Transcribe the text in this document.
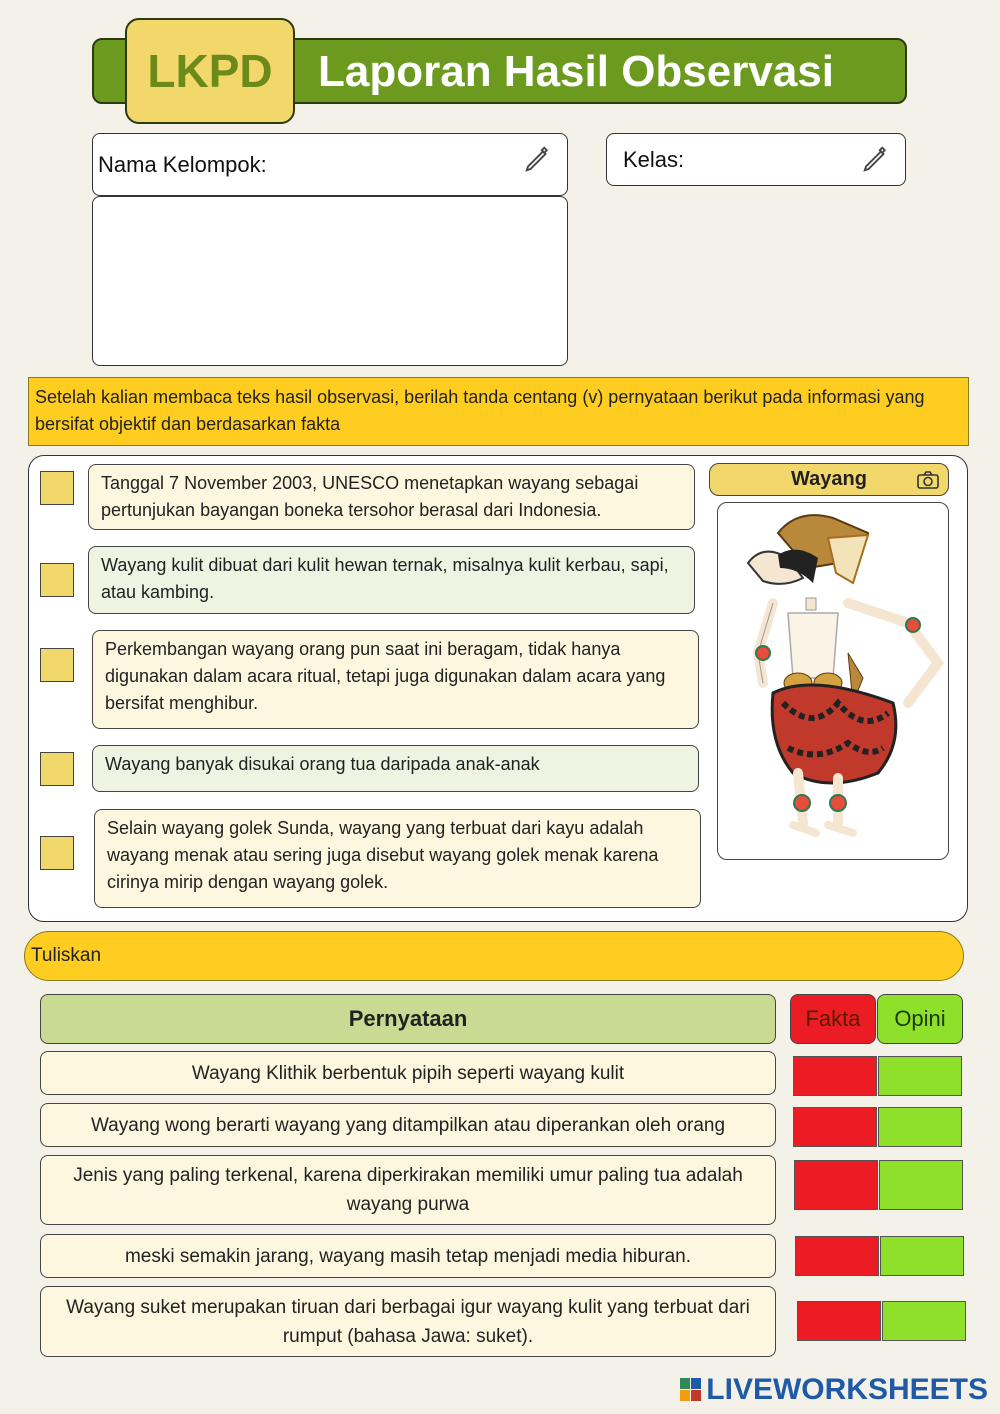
LKPD	Laporan Hasil Observasi
Nama Kelompok:	Kelas:
Setelah kalian membaca teks hasil observasi, berilah tanda centang (v) pernyataan berikut pada informasi yang bersifat objektif dan berdasarkan fakta
Tanggal 7 November 2003, UNESCO menetapkan wayang sebagai pertunjukan bayangan boneka tersohor berasal dari Indonesia.
Wayang kulit dibuat dari kulit hewan ternak, misalnya kulit kerbau, sapi, atau kambing.
Perkembangan wayang orang pun saat ini beragam, tidak hanya digunakan dalam acara ritual, tetapi juga digunakan dalam acara yang bersifat menghibur.
Wayang banyak disukai orang tua daripada anak-anak
Selain wayang golek Sunda, wayang yang terbuat dari kayu adalah wayang menak atau sering juga disebut wayang golek menak karena cirinya mirip dengan wayang golek.
Wayang
Tuliskan
Pernyataan	Fakta	Opini
Wayang Klithik berbentuk pipih seperti wayang kulit
Wayang wong berarti wayang yang ditampilkan atau diperankan oleh orang
Jenis yang paling terkenal, karena diperkirakan memiliki umur paling tua adalah wayang purwa
meski semakin jarang, wayang masih tetap menjadi media hiburan.
Wayang suket merupakan tiruan dari berbagai igur wayang kulit yang terbuat dari rumput (bahasa Jawa: suket).
LIVEWORKSHEETS
